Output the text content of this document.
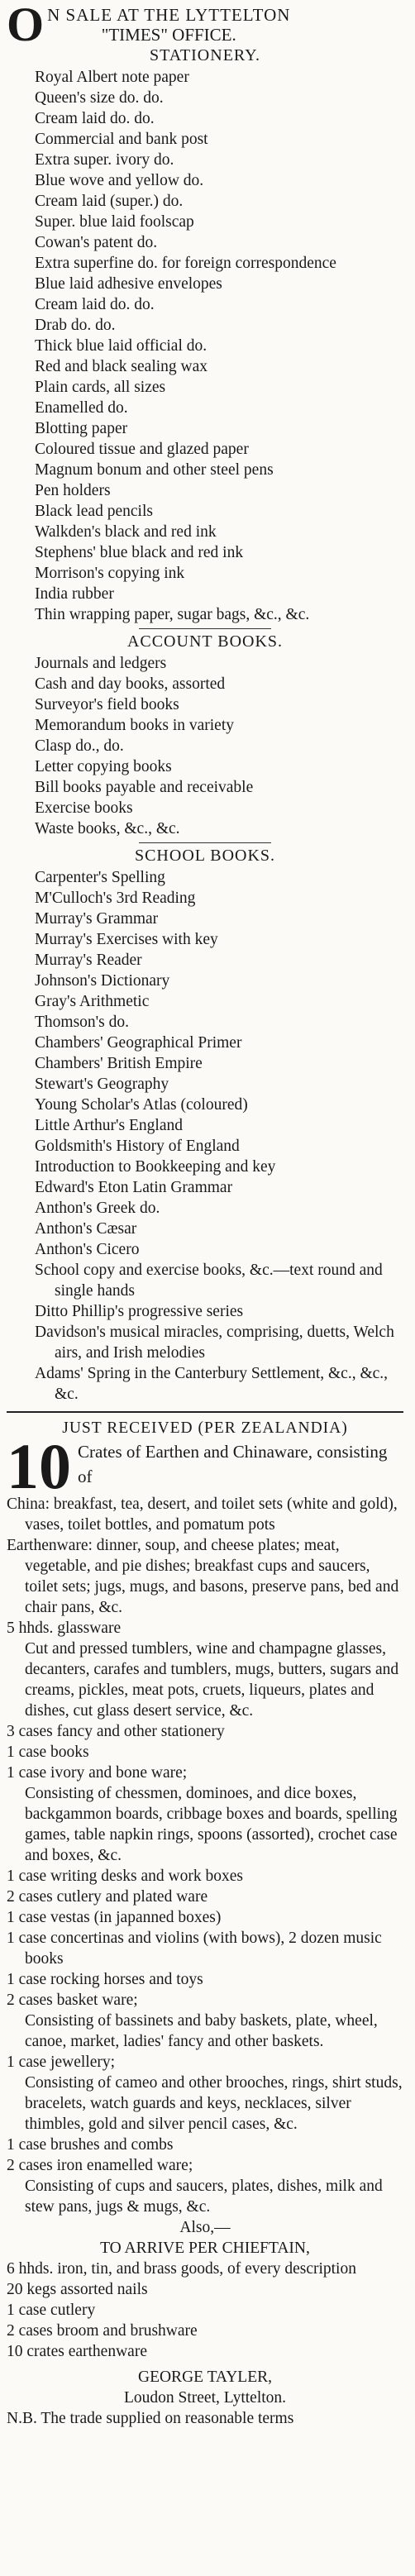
O N SALE AT THE LYTTELTON
"TIMES" OFFICE.
STATIONERY.
Royal Albert note paper
Queen's size do. do.
Cream laid do. do.
Commercial and bank post
Extra super. ivory do.
Blue wove and yellow do.
Cream laid (super.) do.
Super. blue laid foolscap
Cowan's patent do.
Extra superfine do. for foreign correspondence
Blue laid adhesive envelopes
Cream laid do. do.
Drab do. do.
Thick blue laid official do.
Red and black sealing wax
Plain cards, all sizes
Enamelled do.
Blotting paper
Coloured tissue and glazed paper
Magnum bonum and other steel pens
Pen holders
Black lead pencils
Walkden's black and red ink
Stephens' blue black and red ink
Morrison's copying ink
India rubber
Thin wrapping paper, sugar bags, &c., &c.
ACCOUNT BOOKS.
Journals and ledgers
Cash and day books, assorted
Surveyor's field books
Memorandum books in variety
Clasp do., do.
Letter copying books
Bill books payable and receivable
Exercise books
Waste books, &c., &c.
SCHOOL BOOKS.
Carpenter's Spelling
M'Culloch's 3rd Reading
Murray's Grammar
Murray's Exercises with key
Murray's Reader
Johnson's Dictionary
Gray's Arithmetic
Thomson's do.
Chambers' Geographical Primer
Chambers' British Empire
Stewart's Geography
Young Scholar's Atlas (coloured)
Little Arthur's England
Goldsmith's History of England
Introduction to Bookkeeping and key
Edward's Eton Latin Grammar
Anthon's Greek do.
Anthon's Cæsar
Anthon's Cicero
School copy and exercise books, &c.—text round and single hands
Ditto Phillip's progressive series
Davidson's musical miracles, comprising, duetts, Welch airs, and Irish melodies
Adams' Spring in the Canterbury Settlement, &c., &c., &c.
JUST RECEIVED (PER ZEALANDIA)
10 Crates of Earthen and Chinaware, consisting of
China: breakfast, tea, desert, and toilet sets (white and gold), vases, toilet bottles, and pomatum pots
Earthenware: dinner, soup, and cheese plates; meat, vegetable, and pie dishes; breakfast cups and saucers, toilet sets; jugs, mugs, and basons, preserve pans, bed and chair pans, &c.
5 hhds. glassware
Cut and pressed tumblers, wine and champagne glasses, decanters, carafes and tumblers, mugs, butters, sugars and creams, pickles, meat pots, cruets, liqueurs, plates and dishes, cut glass desert service, &c.
3 cases fancy and other stationery
1 case books
1 case ivory and bone ware;
Consisting of chessmen, dominoes, and dice boxes, backgammon boards, cribbage boxes and boards, spelling games, table napkin rings, spoons (assorted), crochet case and boxes, &c.
1 case writing desks and work boxes
2 cases cutlery and plated ware
1 case vestas (in japanned boxes)
1 case concertinas and violins (with bows), 2 dozen music books
1 case rocking horses and toys
2 cases basket ware;
Consisting of bassinets and baby baskets, plate, wheel, canoe, market, ladies' fancy and other baskets.
1 case jewellery;
Consisting of cameo and other brooches, rings, shirt studs, bracelets, watch guards and keys, necklaces, silver thimbles, gold and silver pencil cases, &c.
1 case brushes and combs
2 cases iron enamelled ware;
Consisting of cups and saucers, plates, dishes, milk and stew pans, jugs & mugs, &c.
Also,—
TO ARRIVE PER CHIEFTAIN,
6 hhds. iron, tin, and brass goods, of every description
20 kegs assorted nails
1 case cutlery
2 cases broom and brushware
10 crates earthenware
GEORGE TAYLER,
Loudon Street, Lyttelton.
N.B. The trade supplied on reasonable terms
